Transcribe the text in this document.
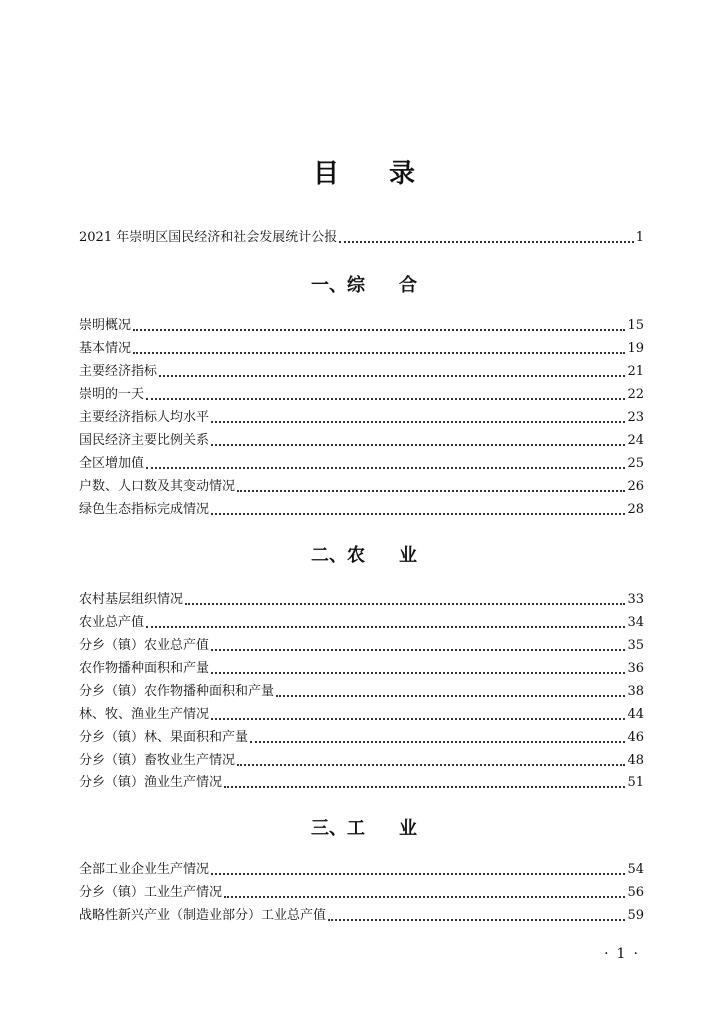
目 录
2021 年崇明区国民经济和社会发展统计公报	1
一、综 合
崇明概况	15
基本情况	19
主要经济指标	21
崇明的一天	22
主要经济指标人均水平	23
国民经济主要比例关系	24
全区增加值	25
户数、人口数及其变动情况	26
绿色生态指标完成情况	28
二、农 业
农村基层组织情况	33
农业总产值	34
分乡（镇）农业总产值	35
农作物播种面积和产量	36
分乡（镇）农作物播种面积和产量	38
林、牧、渔业生产情况	44
分乡（镇）林、果面积和产量	46
分乡（镇）畜牧业生产情况	48
分乡（镇）渔业生产情况	51
三、工 业
全部工业企业生产情况	54
分乡（镇）工业生产情况	56
战略性新兴产业（制造业部分）工业总产值	59
· 1 ·
